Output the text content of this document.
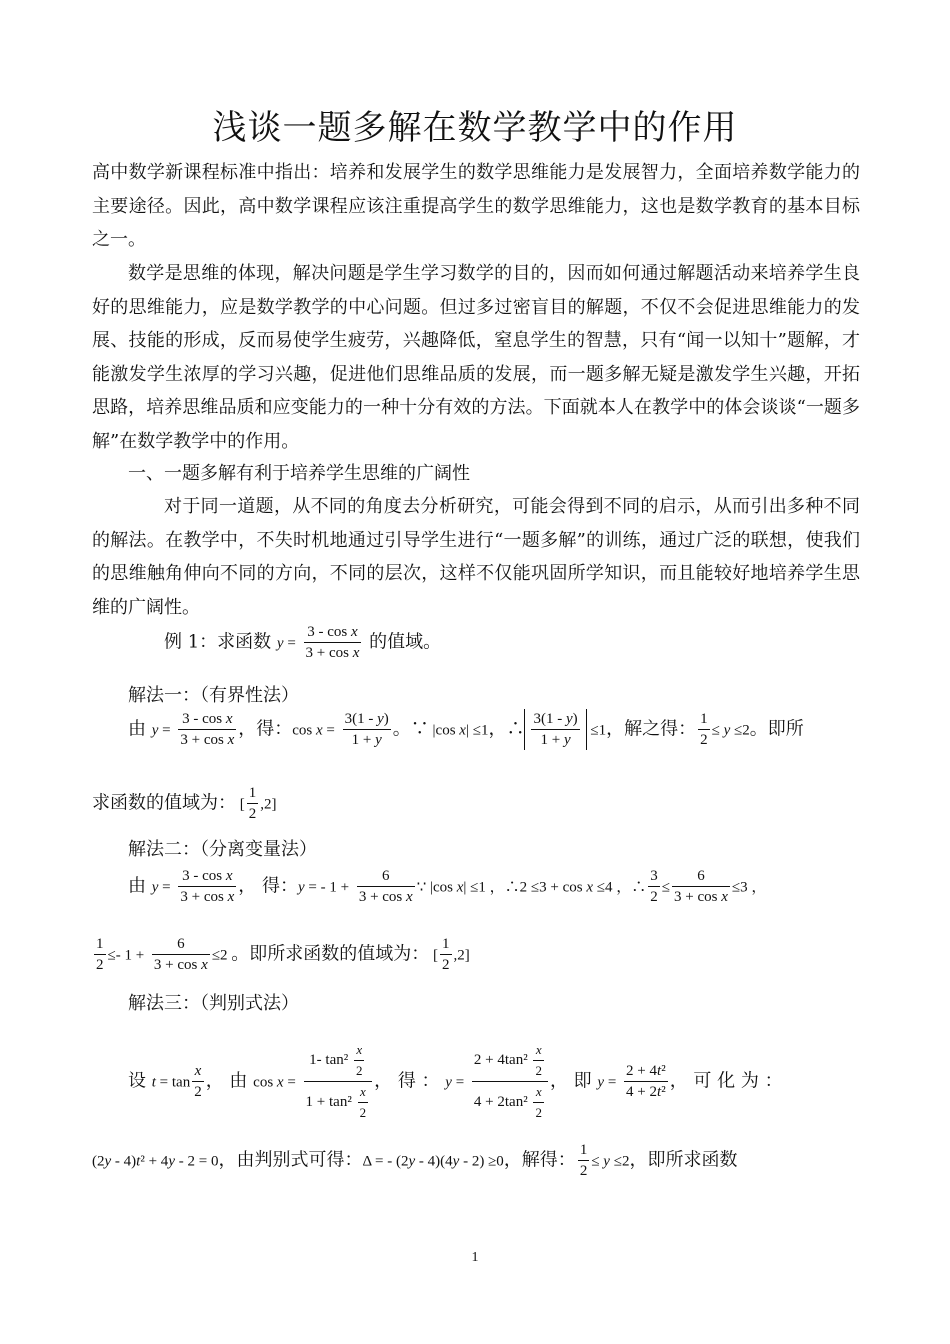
浅谈一题多解在数学教学中的作用
高中数学新课程标准中指出：培养和发展学生的数学思维能力是发展智力，全面培养数学能力的主要途径。因此，高中数学课程应该注重提高学生的数学思维能力，这也是数学教育的基本目标之一。
数学是思维的体现，解决问题是学生学习数学的目的，因而如何通过解题活动来培养学生良好的思维能力，应是数学教学的中心问题。但过多过密盲目的解题，不仅不会促进思维能力的发展、技能的形成，反而易使学生疲劳，兴趣降低，窒息学生的智慧，只有“闻一以知十”题解，才能激发学生浓厚的学习兴趣，促进他们思维品质的发展，而一题多解无疑是激发学生兴趣，开拓思路，培养思维品质和应变能力的一种十分有效的方法。下面就本人在教学中的体会谈谈“一题多解”在数学教学中的作用。
一、一题多解有利于培养学生思维的广阔性
对于同一道题，从不同的角度去分析研究，可能会得到不同的启示，从而引出多种不同的解法。在教学中，不失时机地通过引导学生进行“一题多解”的训练，通过广泛的联想，使我们的思维触角伸向不同的方向，不同的层次，这样不仅能巩固所学知识，而且能较好地培养学生思维的广阔性。
例 1：求函数 $y = \frac{\text{3 - cos x}}{\text{3 + cos x}}$ 的值域。
解法一：（有界性法）
由 $y = \frac{\text{3 - cos x}}{\text{3 + cos x}}$ ，得：$\cos x = \frac{3(1 - y)}{1 + y}$ 。∵ |cos x| ≤1，∴ $\frac{3(1 - y)}{1 + y} \le 1$，解之得： $\frac{1}{2} \le y \le 2$。即所
求函数的值域为： [ $\frac{1}{2} ,2$]
解法二：（分离变量法）
由 $y = \frac{\text{3 - cos x}}{\text{3 + cos x}}$ ， 得：y = - $1 + \frac{6}{\text{3 + cos x}}$ ∵ |cos x| ≤1 ，∴2 ≤3 + cos x ≤4 ，∴ $\frac{3}{2} \le \frac{6}{\text{3 + cos x}} \le 3$ ，
$\frac{1}{2} \le- 1 + \frac{6}{\text{3 + cos x}} \le 2$ 。即所求函数的值域为： [ $\frac{1}{2} ,2$]
解法三：（判别式法）
设 $t = \tan \frac{x}{2}$ ， 由 $\cos x = \frac{1- \tan^2 \frac{x}{2}}{1 + \tan^2 \frac{x}{2}}$ ， 得 ： $y = \frac{2 + 4\tan^2 \frac{x}{2}}{4 + 2\tan^2 \frac{x}{2}}$ ， 即 $y = \frac{\text{2 + 4t²}}{\text{4 + 2t²}}$ ， 可 化 为 ：
(2y - 4)t² + 4y - 2 = 0，由判别式可得：Δ = - (2y - 4)(4y - 2) ≥0，解得： $\frac{1}{2} \le y \le 2$，即所求函数
1
